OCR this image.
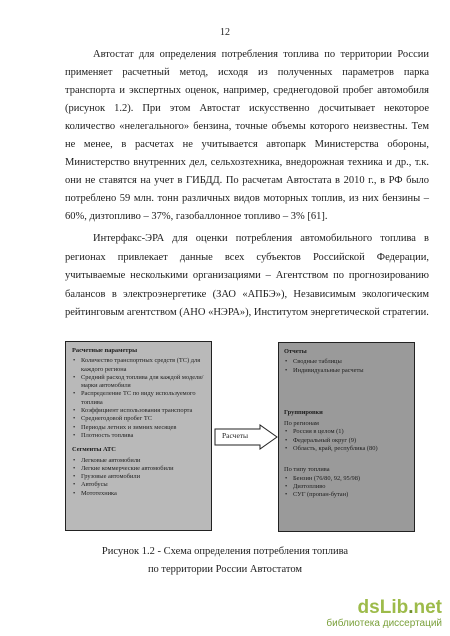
12

Автостат для определения потребления топлива по территории России применяет расчетный метод, исходя из полученных параметров парка транспорта и экспертных оценок, например, среднегодовой пробег автомобиля (рисунок 1.2). При этом Автостат искусственно досчитывает некоторое количество «нелегального» бензина, точные объемы которого неизвестны. Тем не менее, в расчетах не учитывается автопарк Министерства обороны, Министерство внутренних дел, сельхозтехника, внедорожная техника и др., т.к. они не ставятся на учет в ГИБДД. По расчетам Автостата в 2010 г., в РФ было потреблено 59 млн. тонн различных видов моторных топлив, из них бензины – 60%, дизтопливо – 37%, газобаллонное топливо – 3% [61].

Интерфакс-ЭРА для оценки потребления автомобильного топлива в регионах привлекает данные всех субъектов Российской Федерации, учитываемые несколькими организациями – Агентством по прогнозированию балансов в электроэнергетике (ЗАО «АПБЭ»), Независимым экологическим рейтинговым агентством (АНО «НЭРА»), Институтом энергетической стратегии.

Расчетные параметры
• Количество транспортных средств (ТС) для каждого региона
• Средний расход топлива для каждой модели/марки автомобиля
• Распределение ТС по виду используемого топлива
• Коэффициент использования транспорта
• Среднегодовой пробег ТС
• Периоды летних и зимних месяцев
• Плотность топлива
Сегменты АТС
• Легковые автомобили
• Легкие коммерческие автомобили
• Грузовые автомобили
• Автобусы
• Мототехника
Расчеты
Отчеты
• Сводные таблицы
• Индивидуальные расчеты
Группировки
По регионам
• Россия в целом (1)
• Федеральный округ (9)
• Область, край, республика (80)
По типу топлива
• Бензин (76/80, 92, 95/98)
• Дизтопливо
• СУГ (пропан-бутан)
Рисунок 1.2 - Схема определения потребления топлива
по территории России Автостатом
dsLib.net
библиотека диссертаций
